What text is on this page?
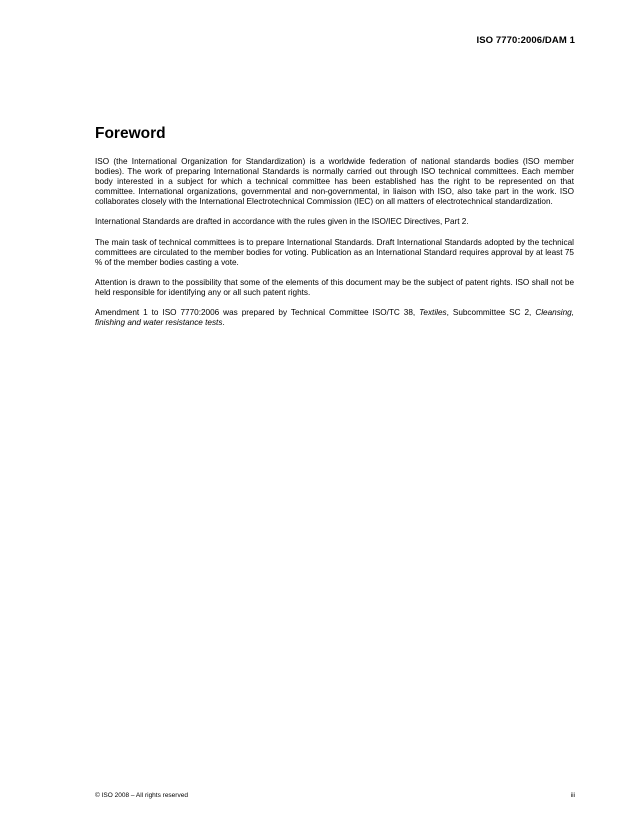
ISO 7770:2006/DAM 1
Foreword

ISO (the International Organization for Standardization) is a worldwide federation of national standards bodies (ISO member bodies). The work of preparing International Standards is normally carried out through ISO technical committees. Each member body interested in a subject for which a technical committee has been established has the right to be represented on that committee. International organizations, governmental and non-governmental, in liaison with ISO, also take part in the work. ISO collaborates closely with the International Electrotechnical Commission (IEC) on all matters of electrotechnical standardization.

International Standards are drafted in accordance with the rules given in the ISO/IEC Directives, Part 2.

The main task of technical committees is to prepare International Standards. Draft International Standards adopted by the technical committees are circulated to the member bodies for voting. Publication as an International Standard requires approval by at least 75 % of the member bodies casting a vote.

Attention is drawn to the possibility that some of the elements of this document may be the subject of patent rights. ISO shall not be held responsible for identifying any or all such patent rights.

Amendment 1 to ISO 7770:2006 was prepared by Technical Committee ISO/TC 38, Textiles, Subcommittee SC 2, Cleansing, finishing and water resistance tests.

© ISO 2008 – All rights reserved	iii
